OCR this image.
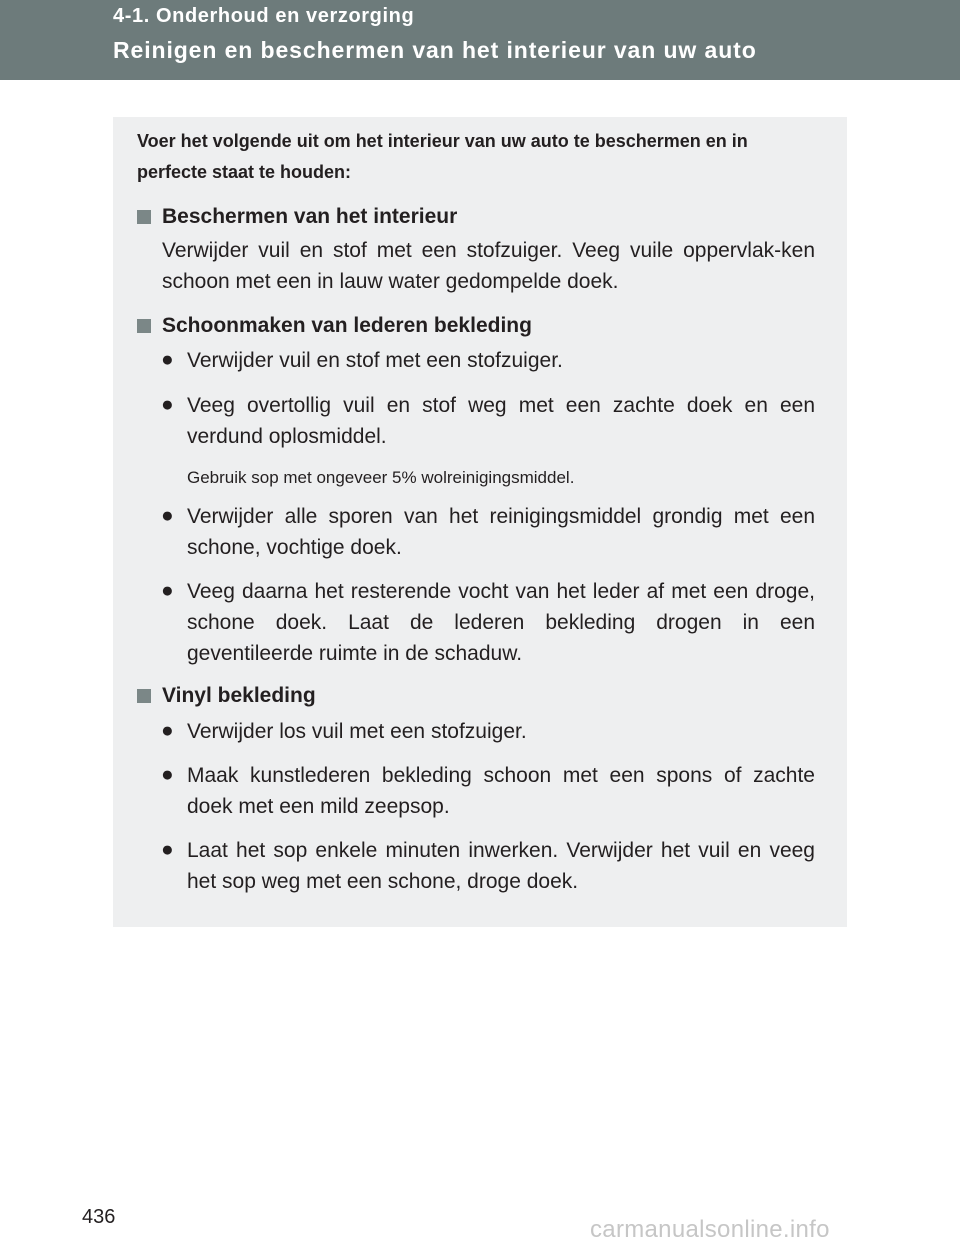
4-1. Onderhoud en verzorging

Reinigen en beschermen van het interieur van uw auto

Voer het volgende uit om het interieur van uw auto te beschermen en in perfecte staat te houden:

Beschermen van het interieur

Verwijder vuil en stof met een stofzuiger. Veeg vuile oppervlak-ken schoon met een in lauw water gedompelde doek.

Schoonmaken van lederen bekleding

● Verwijder vuil en stof met een stofzuiger.

● Veeg overtollig vuil en stof weg met een zachte doek en een verdund oplosmiddel.

Gebruik sop met ongeveer 5% wolreinigingsmiddel.

● Verwijder alle sporen van het reinigingsmiddel grondig met een schone, vochtige doek.

● Veeg daarna het resterende vocht van het leder af met een droge, schone doek. Laat de lederen bekleding drogen in een geventileerde ruimte in de schaduw.

Vinyl bekleding

● Verwijder los vuil met een stofzuiger.

● Maak kunstlederen bekleding schoon met een spons of zachte doek met een mild zeepsop.

● Laat het sop enkele minuten inwerken. Verwijder het vuil en veeg het sop weg met een schone, droge doek.

436	carmanualsonline.info
